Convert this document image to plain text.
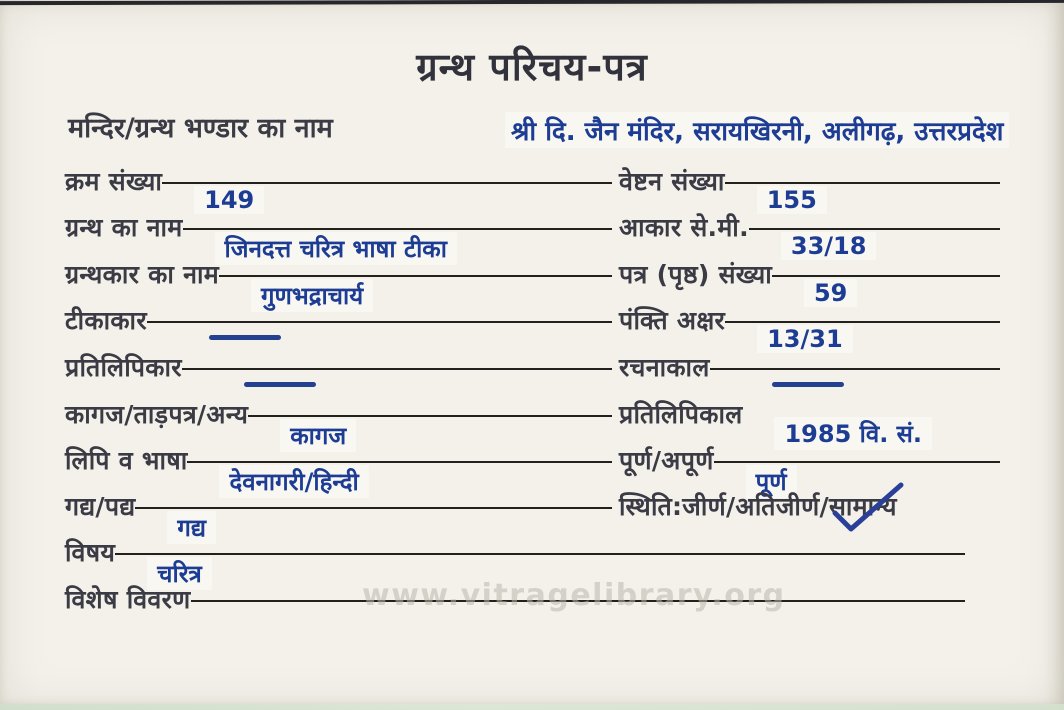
ग्रन्थ परिचय-पत्र
मन्दिर/ग्रन्थ भण्डार का नाम	श्री दि. जैन मंदिर, सरायखिरनी, अलीगढ़, उत्तरप्रदेश
क्रम संख्या
149
ग्रन्थ का नाम
जिनदत्त चरित्र भाषा टीका
ग्रन्थकार का नाम
गुणभद्राचार्य
टीकाकार
प्रतिलिपिकार
कागज/ताड़पत्र/अन्य
कागज
लिपि व भाषा
देवनागरी/हिन्दी
गद्य/पद्य
गद्य
विषय
चरित्र
विशेष विवरण
वेष्टन संख्या
155
आकार से.मी.
33/18
पत्र (पृष्ठ) संख्या
59
पंक्ति अक्षर
13/31
रचनाकाल
प्रतिलिपिकाल
1985 वि. सं.
पूर्ण/अपूर्ण
पूर्ण
स्थिति:जीर्ण/अतिजीर्ण/सामान्य
www.vitragelibrary.org
